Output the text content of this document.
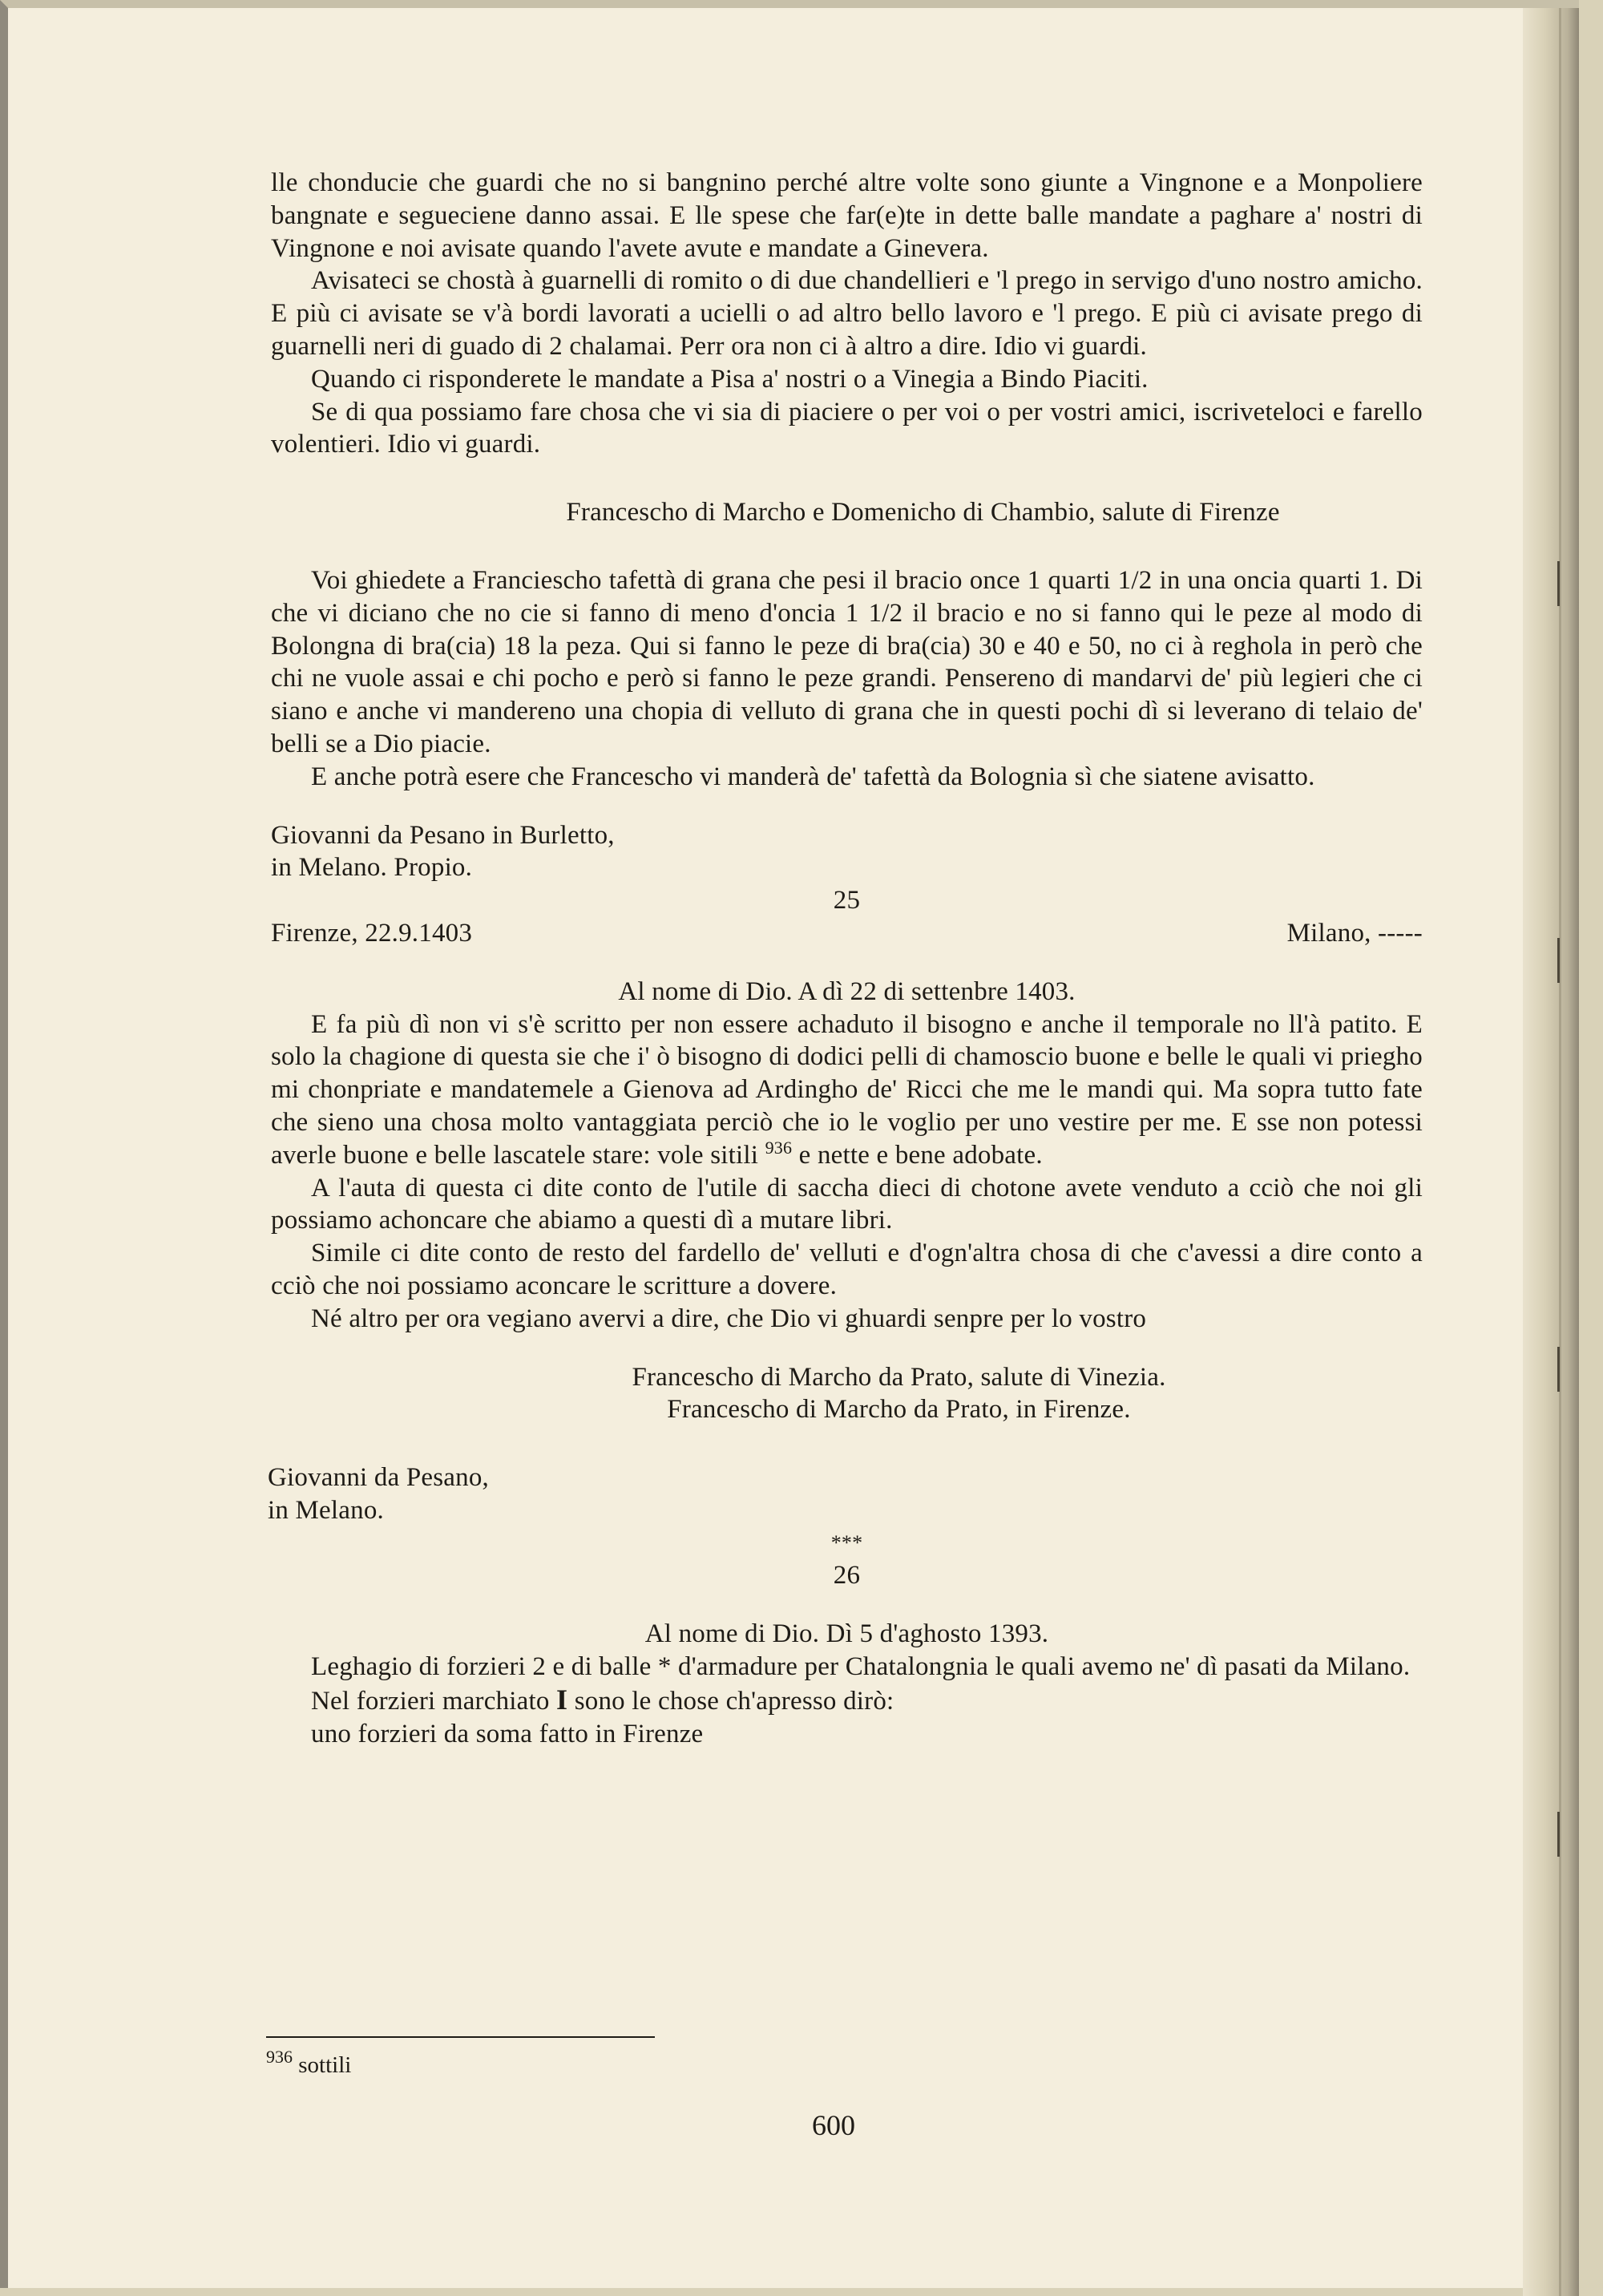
lle chonducie che guardi che no si bangnino perché altre volte sono giunte a Vingnone e a Monpoliere bangnate e segueciene danno assai. E lle spese che far(e)te in dette balle mandate a paghare a' nostri di Vingnone e noi avisate quando l'avete avute e mandate a Ginevera.

Avisateci se chostà à guarnelli di romito o di due chandellieri e 'l prego in servigo d'uno nostro amicho. E più ci avisate se v'à bordi lavorati a ucielli o ad altro bello lavoro e 'l prego. E più ci avisate prego di guarnelli neri di guado di 2 chalamai. Perr ora non ci à altro a dire. Idio vi guardi.

Quando ci risponderete le mandate a Pisa a' nostri o a Vinegia a Bindo Piaciti.

Se di qua possiamo fare chosa che vi sia di piaciere o per voi o per vostri amici, iscriveteloci e farello volentieri. Idio vi guardi.

Francescho di Marcho e Domenicho di Chambio, salute di Firenze

Voi ghiedete a Franciescho tafettà di grana che pesi il bracio once 1 quarti 1/2 in una oncia quarti 1. Di che vi diciano che no cie si fanno di meno d'oncia 1 1/2 il bracio e no si fanno qui le peze al modo di Bolongna di bra(cia) 18 la peza. Qui si fanno le peze di bra(cia) 30 e 40 e 50, no ci à reghola in però che chi ne vuole assai e chi pocho e però si fanno le peze grandi. Pensereno di mandarvi de' più legieri che ci siano e anche vi mandereno una chopia di velluto di grana che in questi pochi dì si leverano di telaio de' belli se a Dio piacie.

E anche potrà esere che Francescho vi manderà de' tafettà da Bolognia sì che siatene avisatto.

Giovanni da Pesano in Burletto,
in Melano. Propio.

25

Firenze, 22.9.1403	Milano, -----

Al nome di Dio. A dì 22 di settenbre 1403.

E fa più dì non vi s'è scritto per non essere achaduto il bisogno e anche il temporale no ll'à patito. E solo la chagione di questa sie che i' ò bisogno di dodici pelli di chamoscio buone e belle le quali vi priegho mi chonpriate e mandatemele a Gienova ad Ardingho de' Ricci che me le mandi qui. Ma sopra tutto fate che sieno una chosa molto vantaggiata perciò che io le voglio per uno vestire per me. E sse non potessi averle buone e belle lascatele stare: vole sitili $^{936}$ e nette e bene adobate.

A l'auta di questa ci dite conto de l'utile di saccha dieci di chotone avete venduto a cciò che noi gli possiamo achoncare che abiamo a questi dì a mutare libri.

Simile ci dite conto de resto del fardello de' velluti e d'ogn'altra chosa di che c'avessi a dire conto a cciò che noi possiamo aconcare le scritture a dovere.

Né altro per ora vegiano avervi a dire, che Dio vi ghuardi senpre per lo vostro

Francescho di Marcho da Prato, salute di Vinezia.
Francescho di Marcho da Prato, in Firenze.
Giovanni da Pesano,
in Melano.

***

26

Al nome di Dio. Dì 5 d'aghosto 1393.

Leghagio di forzieri 2 e di balle * d'armadure per Chatalongnia le quali avemo ne' dì pasati da Milano.

Nel forzieri marchiato I sono le chose ch'apresso dirò:

uno forzieri da soma fatto in Firenze

$^{936}$ sottili
600
